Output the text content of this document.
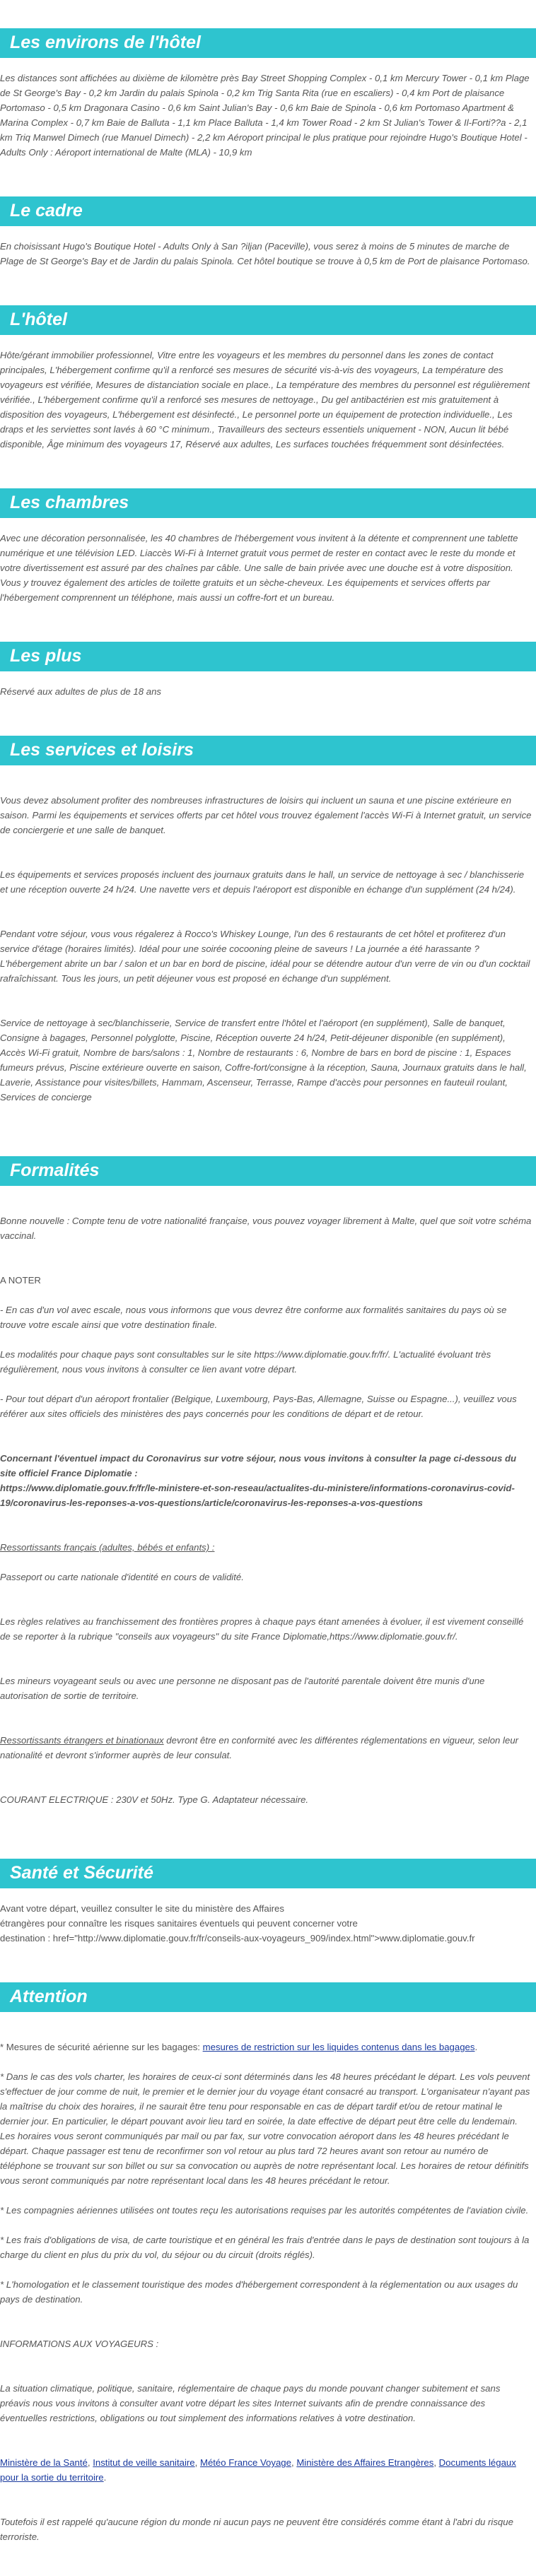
Les environs de l'hôtel
Les distances sont affichées au dixième de kilomètre près Bay Street Shopping Complex - 0,1 km Mercury Tower - 0,1 km Plage de St George's Bay - 0,2 km Jardin du palais Spinola - 0,2 km Trig Santa Rita (rue en escaliers) - 0,4 km Port de plaisance Portomaso - 0,5 km Dragonara Casino - 0,6 km Saint Julian's Bay - 0,6 km Baie de Spinola - 0,6 km Portomaso Apartment & Marina Complex - 0,7 km Baie de Balluta - 1,1 km Place Balluta - 1,4 km Tower Road - 2 km St Julian's Tower & Il-Forti??a - 2,1 km Triq Manwel Dimech (rue Manuel Dimech) - 2,2 km Aéroport principal le plus pratique pour rejoindre Hugo's Boutique Hotel - Adults Only : Aéroport international de Malte (MLA) - 10,9 km
Le cadre
En choisissant Hugo's Boutique Hotel - Adults Only à San ?iljan (Paceville), vous serez à moins de 5 minutes de marche de Plage de St George's Bay et de Jardin du palais Spinola. Cet hôtel boutique se trouve à 0,5 km de Port de plaisance Portomaso.
L'hôtel
Hôte/gérant immobilier professionnel, Vitre entre les voyageurs et les membres du personnel dans les zones de contact principales, L'hébergement confirme qu'il a renforcé ses mesures de sécurité vis-à-vis des voyageurs, La température des voyageurs est vérifiée, Mesures de distanciation sociale en place., La température des membres du personnel est régulièrement vérifiée., L'hébergement confirme qu'il a renforcé ses mesures de nettoyage., Du gel antibactérien est mis gratuitement à disposition des voyageurs, L'hébergement est désinfecté., Le personnel porte un équipement de protection individuelle., Les draps et les serviettes sont lavés à 60 °C minimum., Travailleurs des secteurs essentiels uniquement - NON, Aucun lit bébé disponible, Âge minimum des voyageurs 17, Réservé aux adultes, Les surfaces touchées fréquemment sont désinfectées.
Les chambres
Avec une décoration personnalisée, les 40 chambres de l'hébergement vous invitent à la détente et comprennent une tablette numérique et une télévision LED. Liaccès Wi-Fi à Internet gratuit vous permet de rester en contact avec le reste du monde et votre divertissement est assuré par des chaînes par câble. Une salle de bain privée avec une douche est à votre disposition. Vous y trouvez également des articles de toilette gratuits et un sèche-cheveux. Les équipements et services offerts par l'hébergement comprennent un téléphone, mais aussi un coffre-fort et un bureau.
Les plus
Réservé aux adultes de plus de 18 ans
Les services et loisirs

Vous devez absolument profiter des nombreuses infrastructures de loisirs qui incluent un sauna et une piscine extérieure en saison. Parmi les équipements et services offerts par cet hôtel vous trouvez également l'accès Wi-Fi à Internet gratuit, un service de conciergerie et une salle de banquet.

Les équipements et services proposés incluent des journaux gratuits dans le hall, un service de nettoyage à sec / blanchisserie et une réception ouverte 24 h/24. Une navette vers et depuis l'aéroport est disponible en échange d'un supplément (24 h/24).

Pendant votre séjour, vous vous régalerez à Rocco's Whiskey Lounge, l'un des 6 restaurants de cet hôtel et profiterez d'un service d'étage (horaires limités). Idéal pour une soirée cocooning pleine de saveurs ! La journée a été harassante ? L'hébergement abrite un bar / salon et un bar en bord de piscine, idéal pour se détendre autour d'un verre de vin ou d'un cocktail rafraîchissant. Tous les jours, un petit déjeuner vous est proposé en échange d'un supplément.

Service de nettoyage à sec/blanchisserie, Service de transfert entre l'hôtel et l'aéroport (en supplément), Salle de banquet, Consigne à bagages, Personnel polyglotte, Piscine, Réception ouverte 24 h/24, Petit-déjeuner disponible (en supplément), Accès Wi-Fi gratuit, Nombre de bars/salons : 1, Nombre de restaurants : 6, Nombre de bars en bord de piscine : 1, Espaces fumeurs prévus, Piscine extérieure ouverte en saison, Coffre-fort/consigne à la réception, Sauna, Journaux gratuits dans le hall, Laverie, Assistance pour visites/billets, Hammam, Ascenseur, Terrasse, Rampe d'accès pour personnes en fauteuil roulant, Services de concierge

Formalités

Bonne nouvelle : Compte tenu de votre nationalité française, vous pouvez voyager librement à Malte, quel que soit votre schéma vaccinal.

A NOTER

- En cas d'un vol avec escale, nous vous informons que vous devrez être conforme aux formalités sanitaires du pays où se trouve votre escale ainsi que votre destination finale.

Les modalités pour chaque pays sont consultables sur le site https://www.diplomatie.gouv.fr/fr/. L'actualité évoluant très régulièrement, nous vous invitons à consulter ce lien avant votre départ.

- Pour tout départ d'un aéroport frontalier (Belgique, Luxembourg, Pays-Bas, Allemagne, Suisse ou Espagne...), veuillez vous référer aux sites officiels des ministères des pays concernés pour les conditions de départ et de retour.

Concernant l'éventuel impact du Coronavirus sur votre séjour, nous vous invitons à consulter la page ci-dessous du site officiel France Diplomatie :
https://www.diplomatie.gouv.fr/fr/le-ministere-et-son-reseau/actualites-du-ministere/informations-coronavirus-covid-19/coronavirus-les-reponses-a-vos-questions/article/coronavirus-les-reponses-a-vos-questions

Ressortissants français (adultes, bébés et enfants) :

Passeport ou carte nationale d'identité en cours de validité.

Les règles relatives au franchissement des frontières propres à chaque pays étant amenées à évoluer, il est vivement conseillé de se reporter à la rubrique "conseils aux voyageurs" du site France Diplomatie,https://www.diplomatie.gouv.fr/.

Les mineurs voyageant seuls ou avec une personne ne disposant pas de l'autorité parentale doivent être munis d'une autorisation de sortie de territoire.

Ressortissants étrangers et binationaux devront être en conformité avec les différentes réglementations en vigueur, selon leur nationalité et devront s'informer auprès de leur consulat.

COURANT ELECTRIQUE : 230V et 50Hz. Type G. Adaptateur nécessaire.

Santé et Sécurité
Avant votre départ, veuillez consulter le site du ministère des Affaires
étrangères pour connaître les risques sanitaires éventuels qui peuvent concerner votre
destination : href="http://www.diplomatie.gouv.fr/fr/conseils-aux-voyageurs_909/index.html">www.diplomatie.gouv.fr
Attention

* Mesures de sécurité aérienne sur les bagages: mesures de restriction sur les liquides contenus dans les bagages.

* Dans le cas des vols charter, les horaires de ceux-ci sont déterminés dans les 48 heures précédant le départ. Les vols peuvent s'effectuer de jour comme de nuit, le premier et le dernier jour du voyage étant consacré au transport. L'organisateur n'ayant pas la maîtrise du choix des horaires, il ne saurait être tenu pour responsable en cas de départ tardif et/ou de retour matinal le dernier jour. En particulier, le départ pouvant avoir lieu tard en soirée, la date effective de départ peut être celle du lendemain. Les horaires vous seront communiqués par mail ou par fax, sur votre convocation aéroport dans les 48 heures précédant le départ. Chaque passager est tenu de reconfirmer son vol retour au plus tard 72 heures avant son retour au numéro de téléphone se trouvant sur son billet ou sur sa convocation ou auprès de notre représentant local. Les horaires de retour définitifs vous seront communiqués par notre représentant local dans les 48 heures précédant le retour.

* Les compagnies aériennes utilisées ont toutes reçu les autorisations requises par les autorités compétentes de l'aviation civile.

* Les frais d'obligations de visa, de carte touristique et en général les frais d'entrée dans le pays de destination sont toujours à la charge du client en plus du prix du vol, du séjour ou du circuit (droits réglés).

* L'homologation et le classement touristique des modes d'hébergement correspondent à la réglementation ou aux usages du pays de destination.

INFORMATIONS AUX VOYAGEURS :

La situation climatique, politique, sanitaire, réglementaire de chaque pays du monde pouvant changer subitement et sans préavis nous vous invitons à consulter avant votre départ les sites Internet suivants afin de prendre connaissance des éventuelles restrictions, obligations ou tout simplement des informations relatives à votre destination.

Ministère de la Santé, Institut de veille sanitaire, Météo France Voyage, Ministère des Affaires Etrangères, Documents légaux pour la sortie du territoire.

Toutefois il est rappelé qu'aucune région du monde ni aucun pays ne peuvent être considérés comme étant à l'abri du risque terroriste.
